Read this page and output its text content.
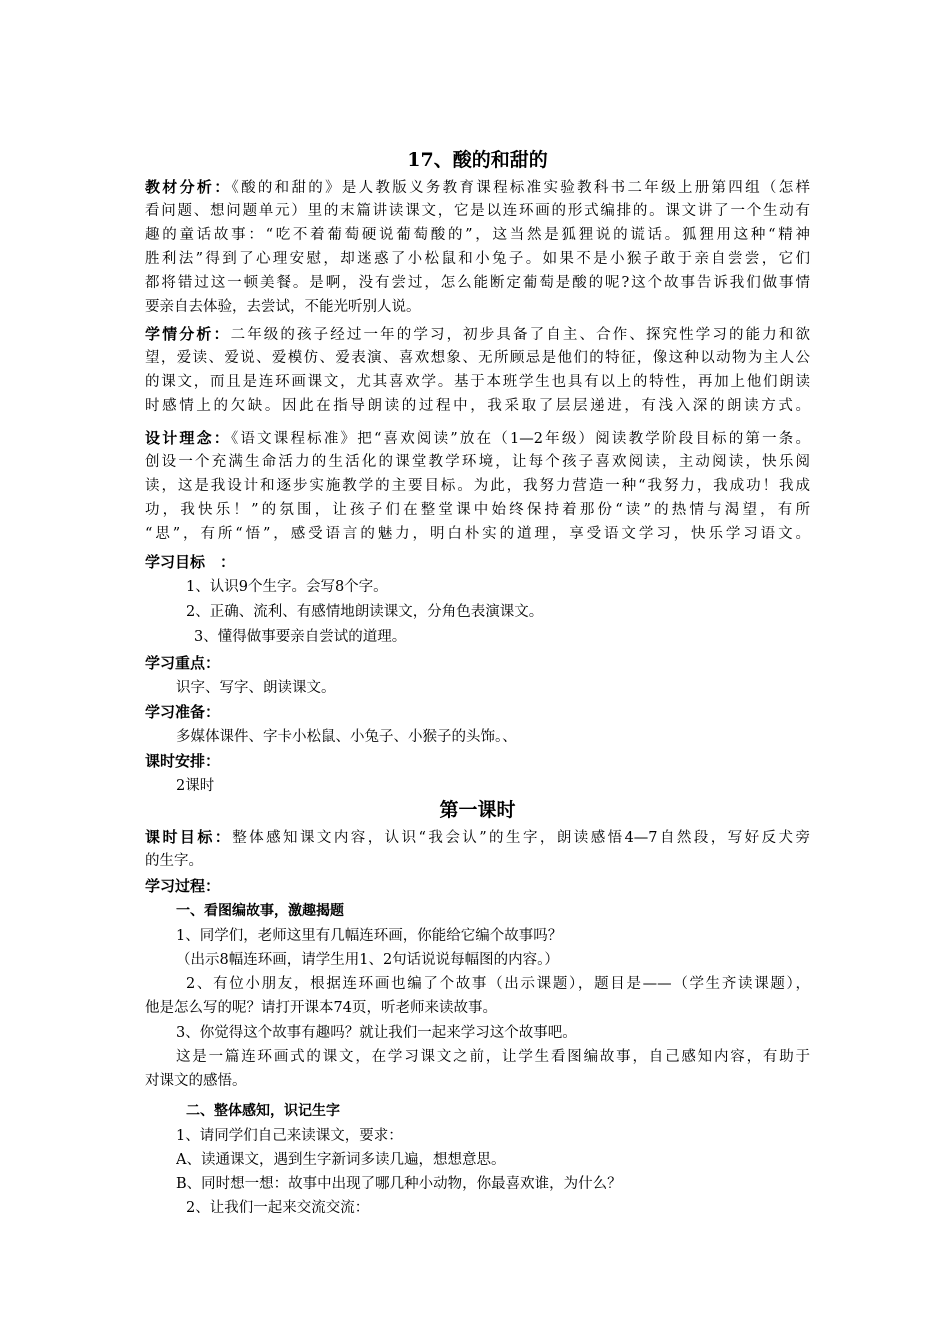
17、酸的和甜的
教材分析：《酸的和甜的》是人教版义务教育课程标准实验教科书二年级上册第四组（怎样
看问题、想问题单元）里的末篇讲读课文，它是以连环画的形式编排的。课文讲了一个生动有
趣的童话故事：“吃不着葡萄硬说葡萄酸的”，这当然是狐狸说的谎话。狐狸用这种“精神
胜利法”得到了心理安慰，却迷惑了小松鼠和小兔子。如果不是小猴子敢于亲自尝尝，它们
都将错过这一顿美餐。是啊，没有尝过，怎么能断定葡萄是酸的呢?这个故事告诉我们做事情
要亲自去体验，去尝试，不能光听别人说。
学情分析：二年级的孩子经过一年的学习，初步具备了自主、合作、探究性学习的能力和欲
望，爱读、爱说、爱模仿、爱表演、喜欢想象、无所顾忌是他们的特征，像这种以动物为主人公
的课文，而且是连环画课文，尤其喜欢学。基于本班学生也具有以上的特性，再加上他们朗读
时感情上的欠缺。因此在指导朗读的过程中，我采取了层层递进，有浅入深的朗读方式。
设计理念：《语文课程标准》把“喜欢阅读”放在（1—2年级）阅读教学阶段目标的第一条。
创设一个充满生命活力的生活化的课堂教学环境，让每个孩子喜欢阅读，主动阅读，快乐阅
读，这是我设计和逐步实施教学的主要目标。为此，我努力营造一种“我努力，我成功！我成
功，我快乐！”的氛围，让孩子们在整堂课中始终保持着那份“读”的热情与渴望，有所
“思”，有所“悟”，感受语言的魅力，明白朴实的道理，享受语文学习，快乐学习语文。
学习目标　：
1、认识9个生字。会写8个字。
2、正确、流利、有感情地朗读课文，分角色表演课文。
3、懂得做事要亲自尝试的道理。
学习重点：
识字、写字、朗读课文。
学习准备：
多媒体课件、字卡小松鼠、小兔子、小猴子的头饰。、
课时安排：
2课时
第一课时
课时目标：整体感知课文内容，认识“我会认”的生字，朗读感悟4—7自然段，写好反犬旁
的生字。
学习过程：
一、看图编故事，激趣揭题
1、同学们，老师这里有几幅连环画，你能给它编个故事吗？
（出示8幅连环画，请学生用1、2句话说说每幅图的内容。）
2、有位小朋友，根据连环画也编了个故事（出示课题），题目是——（学生齐读课题），
他是怎么写的呢？请打开课本74页，听老师来读故事。
3、你觉得这个故事有趣吗？就让我们一起来学习这个故事吧。
这是一篇连环画式的课文，在学习课文之前，让学生看图编故事，自己感知内容，有助于
对课文的感悟。
二、整体感知，识记生字
1、请同学们自己来读课文，要求：
A、读通课文，遇到生字新词多读几遍，想想意思。
B、同时想一想：故事中出现了哪几种小动物，你最喜欢谁，为什么？
2、让我们一起来交流交流：
